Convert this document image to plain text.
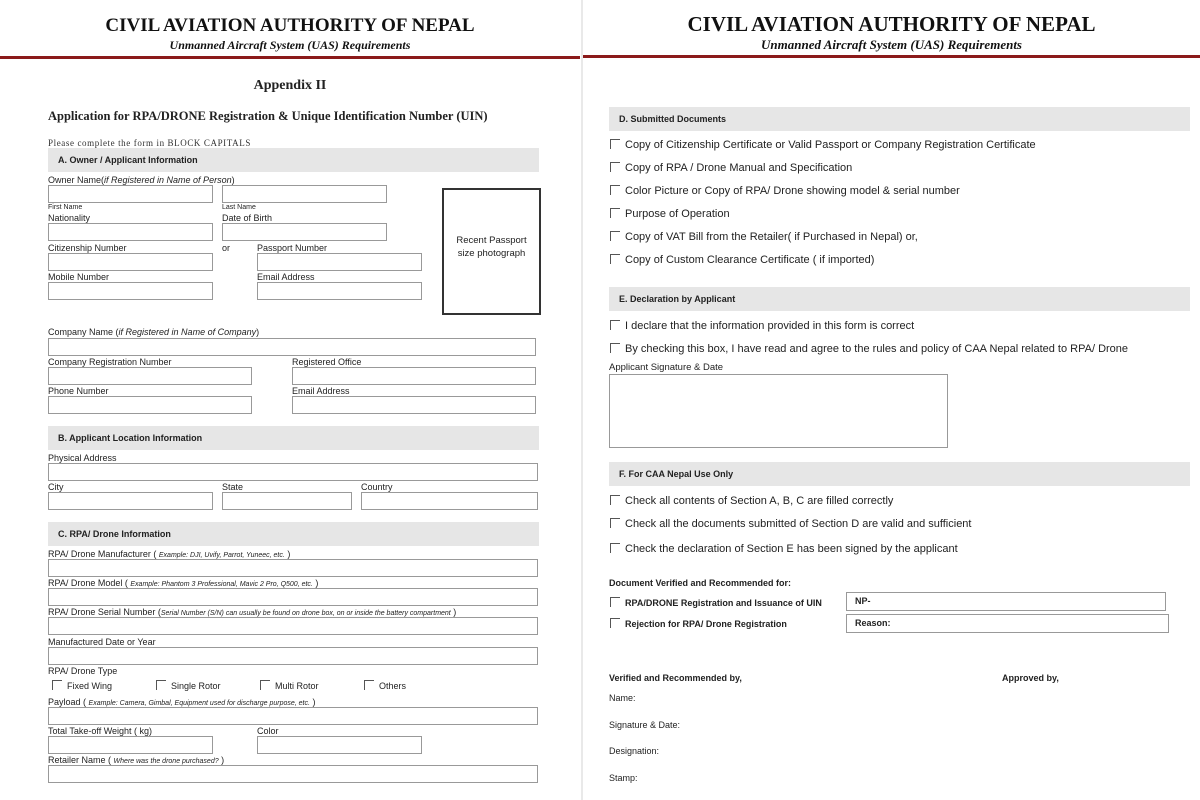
CIVIL AVIATION AUTHORITY OF NEPAL
Unmanned Aircraft System (UAS) Requirements
Appendix II
Application for RPA/DRONE Registration & Unique Identification Number (UIN)
Please complete the form in BLOCK CAPITALS
A. Owner / Applicant Information
Owner Name(if Registered in Name of Person)
First Name	Last Name
Nationality	Date of Birth
Citizenship Number	or	Passport Number
Mobile Number	Email Address
Recent Passport
size photograph
Company Name (if Registered in Name of Company)
Company Registration Number	Registered Office
Phone Number	Email Address
B. Applicant Location Information
Physical Address
City	State	Country
C. RPA/ Drone Information
RPA/ Drone Manufacturer ( Example: DJI, Uvify, Parrot, Yuneec, etc. )
RPA/ Drone Model ( Example: Phantom 3 Professional, Mavic 2 Pro, Q500, etc. )
RPA/ Drone Serial Number (Serial Number (S/N) can usually be found on drone box, on or inside the battery compartment )
Manufactured Date or Year
RPA/ Drone Type
Fixed Wing	Single Rotor	Multi Rotor	Others
Payload ( Example: Camera, Gimbal, Equipment used for discharge purpose, etc. )
Total Take-off Weight ( kg)	Color
Retailer Name ( Where was the drone purchased? )
CIVIL AVIATION AUTHORITY OF NEPAL
Unmanned Aircraft System (UAS) Requirements
D. Submitted Documents
Copy of Citizenship Certificate or Valid Passport or Company Registration Certificate
Copy of RPA / Drone Manual and Specification
Color Picture or Copy of RPA/ Drone showing model & serial number
Purpose of Operation
Copy of VAT Bill from the Retailer( if Purchased in Nepal) or,
Copy of Custom Clearance Certificate ( if imported)
E. Declaration by Applicant
I declare that the information provided in this form is correct
By checking this box, I have read and agree to the rules and policy of CAA Nepal related to RPA/ Drone
Applicant Signature & Date
F. For CAA Nepal Use Only
Check all contents of Section A, B, C are filled correctly
Check all the documents submitted of Section D are valid and sufficient
Check the declaration of Section E has been signed by the applicant
Document Verified and Recommended for:
RPA/DRONE Registration and Issuance of UIN	NP-
Rejection for RPA/ Drone Registration	Reason:
Verified and Recommended by,	Approved by,
Name:
Signature & Date:
Designation:
Stamp:
